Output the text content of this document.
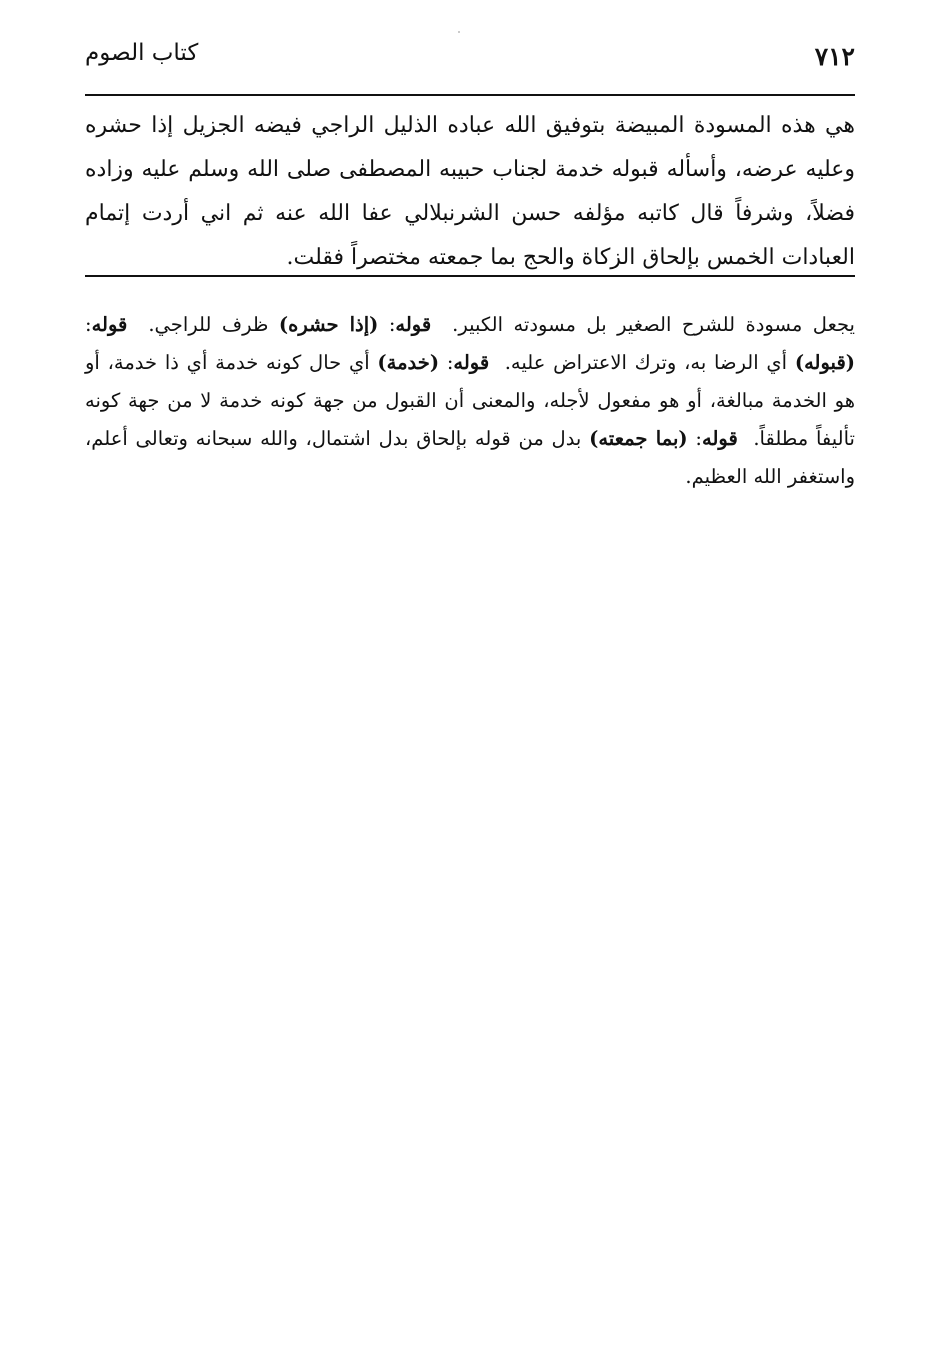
٧١٢
كتاب الصوم

هي هذه المسودة المبيضة بتوفيق الله عباده الذليل الراجي فيضه الجزيل إذا حشره وعليه عرضه، وأسأله قبوله خدمة لجناب حبيبه المصطفى صلى الله وسلم عليه وزاده فضلاً، وشرفاً قال كاتبه مؤلفه حسن الشرنبلالي عفا الله عنه ثم اني أردت إتمام العبادات الخمس بإلحاق الزكاة والحج بما جمعته مختصراً فقلت.

يجعل مسودة للشرح الصغير بل مسودته الكبير.  قوله: (إذا حشره) ظرف للراجي.  قوله: (قبوله) أي الرضا به، وترك الاعتراض عليه.  قوله: (خدمة) أي حال كونه خدمة أي ذا خدمة، أو هو الخدمة مبالغة، أو هو مفعول لأجله، والمعنى أن القبول من جهة كونه خدمة لا من جهة كونه تأليفاً مطلقاً.  قوله: (بما جمعته) بدل من قوله بإلحاق بدل اشتمال، والله سبحانه وتعالى أعلم، واستغفر الله العظيم.
